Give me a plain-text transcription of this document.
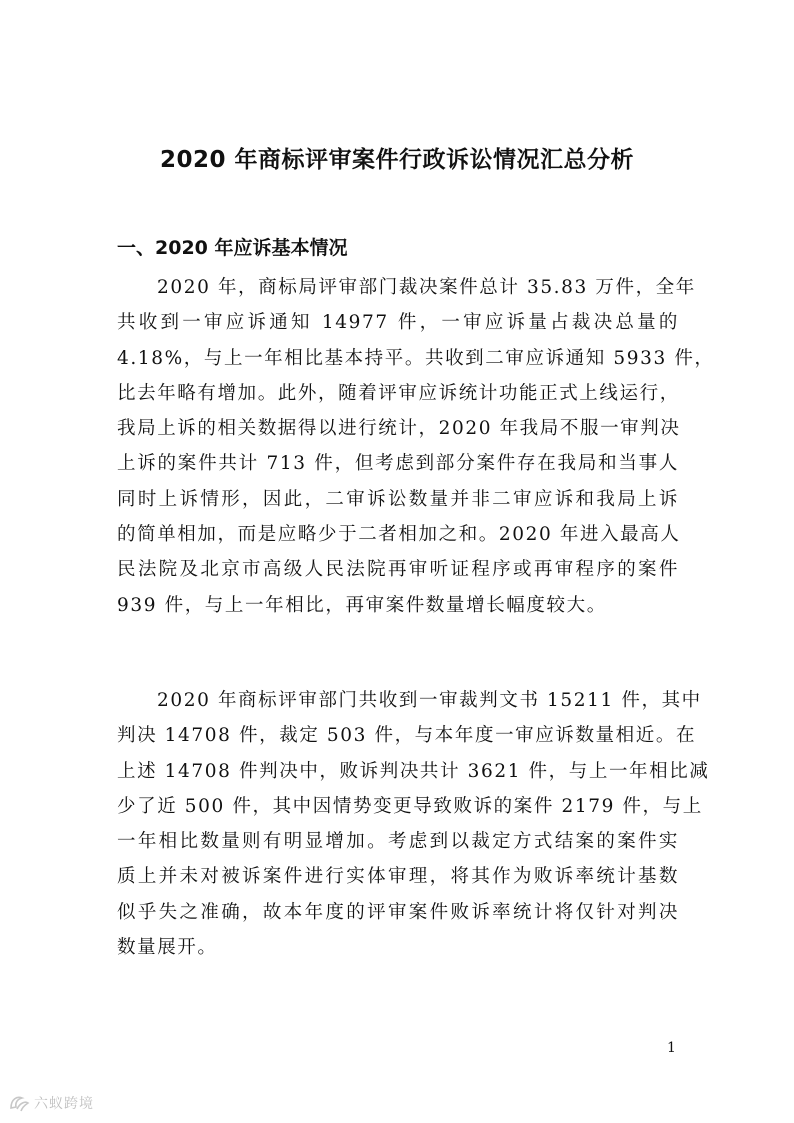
2020 年商标评审案件行政诉讼情况汇总分析
一、2020 年应诉基本情况
2020 年，商标局评审部门裁决案件总计 35.83 万件，全年
共收到一审应诉通知 14977 件，一审应诉量占裁决总量的
4.18%，与上一年相比基本持平。共收到二审应诉通知 5933 件，
比去年略有增加。此外，随着评审应诉统计功能正式上线运行，
我局上诉的相关数据得以进行统计，2020 年我局不服一审判决
上诉的案件共计 713 件，但考虑到部分案件存在我局和当事人
同时上诉情形，因此，二审诉讼数量并非二审应诉和我局上诉
的简单相加，而是应略少于二者相加之和。2020 年进入最高人
民法院及北京市高级人民法院再审听证程序或再审程序的案件
939 件，与上一年相比，再审案件数量增长幅度较大。
2020 年商标评审部门共收到一审裁判文书 15211 件，其中
判决 14708 件，裁定 503 件，与本年度一审应诉数量相近。在
上述 14708 件判决中，败诉判决共计 3621 件，与上一年相比减
少了近 500 件，其中因情势变更导致败诉的案件 2179 件，与上
一年相比数量则有明显增加。考虑到以裁定方式结案的案件实
质上并未对被诉案件进行实体审理，将其作为败诉率统计基数
似乎失之准确，故本年度的评审案件败诉率统计将仅针对判决
数量展开。
1
六蚁跨境
